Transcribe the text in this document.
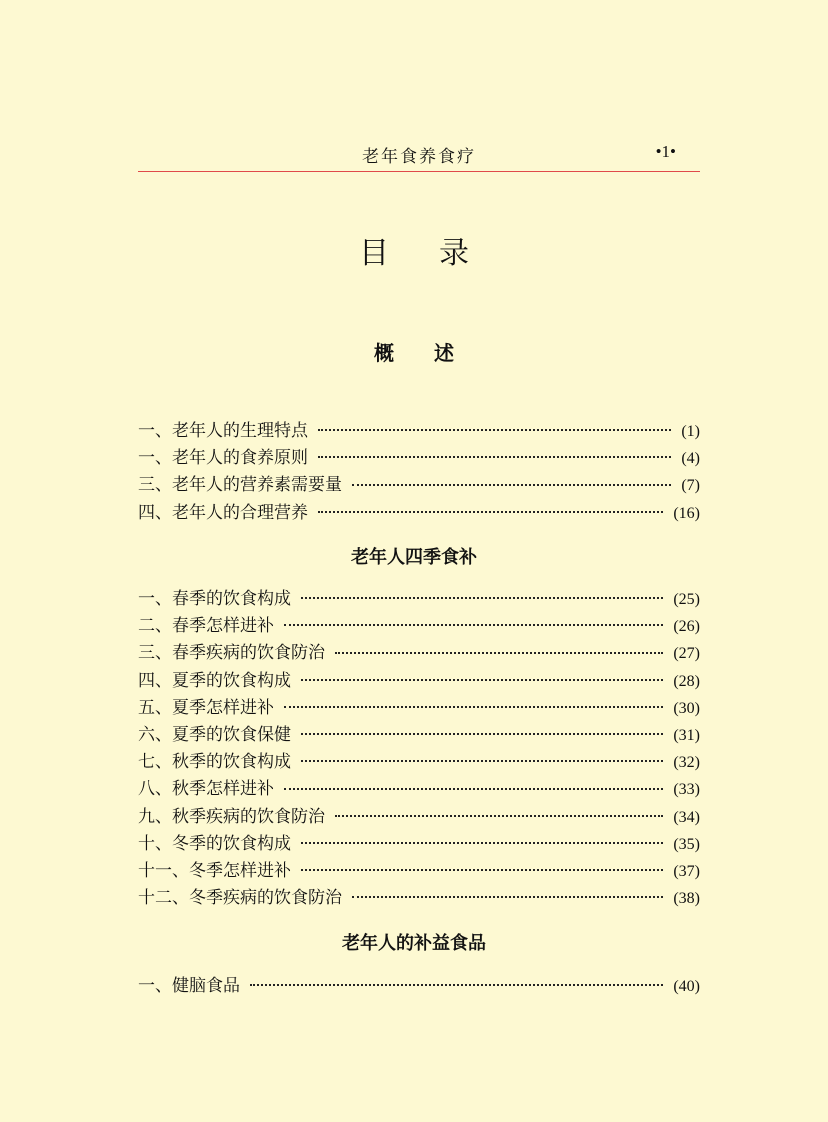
老年食养食疗	•1•
目录
概述
一、老年人的生理特点	(1)
一、老年人的食养原则	(4)
三、老年人的营养素需要量	(7)
四、老年人的合理营养	(16)
老年人四季食补
一、春季的饮食构成	(25)
二、春季怎样进补	(26)
三、春季疾病的饮食防治	(27)
四、夏季的饮食构成	(28)
五、夏季怎样进补	(30)
六、夏季的饮食保健	(31)
七、秋季的饮食构成	(32)
八、秋季怎样进补	(33)
九、秋季疾病的饮食防治	(34)
十、冬季的饮食构成	(35)
十一、冬季怎样进补	(37)
十二、冬季疾病的饮食防治	(38)
老年人的补益食品
一、健脑食品	(40)
